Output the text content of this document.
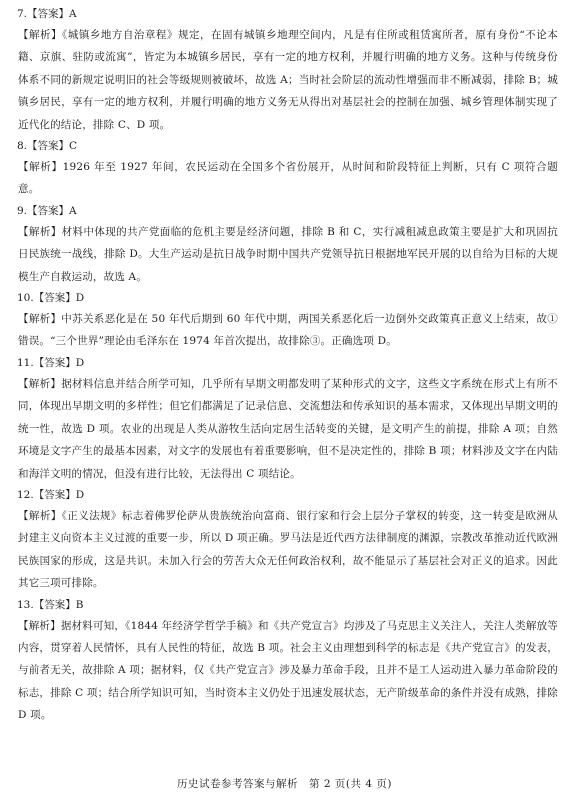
7.【答案】A
【解析】《城镇乡地方自治章程》规定，在固有城镇乡地理空间内，凡是有住所或租赁寓所者，原有身份“不论本籍、京旗、驻防或流寓”，皆定为本城镇乡居民，享有一定的地方权利，并履行明确的地方义务。这种与传统身份体系不同的新规定说明旧的社会等级规则被破坏，故选 A；当时社会阶层的流动性增强而非不断减弱，排除 B；城镇乡居民，享有一定的地方权利，并履行明确的地方义务无从得出对基层社会的控制在加强、城乡管理体制实现了近代化的结论，排除 C、D 项。
8.【答案】C
【解析】1926 年至 1927 年间，农民运动在全国多个省份展开，从时间和阶段特征上判断，只有 C 项符合题意。
9.【答案】A
【解析】材料中体现的共产党面临的危机主要是经济问题，排除 B 和 C，实行减租减息政策主要是扩大和巩固抗日民族统一战线，排除 D。大生产运动是抗日战争时期中国共产党领导抗日根据地军民开展的以自给为目标的大规模生产自救运动，故选 A。
10.【答案】D
【解析】中苏关系恶化是在 50 年代后期到 60 年代中期，两国关系恶化后一边倒外交政策真正意义上结束，故①错误。“三个世界”理论由毛泽东在 1974 年首次提出，故排除③。正确选项 D。
11.【答案】D
【解析】据材料信息并结合所学可知，几乎所有早期文明都发明了某种形式的文字，这些文字系统在形式上有所不同，体现出早期文明的多样性；但它们都满足了记录信息、交流想法和传承知识的基本需求，又体现出早期文明的统一性，故选 D 项。农业的出现是人类从游牧生活向定居生活转变的关键，是文明产生的前提，排除 A 项；自然环境是文字产生的最基本因素，对文字的发展也有着重要影响，但不是决定性的，排除 B 项；材料涉及文字在内陆和海洋文明的情况，但没有进行比较，无法得出 C 项结论。
12.【答案】D
【解析】《正义法规》标志着佛罗伦萨从贵族统治向富商、银行家和行会上层分子掌权的转变，这一转变是欧洲从封建主义向资本主义过渡的重要一步，所以 D 项正确。罗马法是近代西方法律制度的渊源，宗教改革推动近代欧洲民族国家的形成，这是共识。未加入行会的劳苦大众无任何政治权利，故不能显示了基层社会对正义的追求。因此其它三项可排除。
13.【答案】B
【解析】据材料可知，《1844 年经济学哲学手稿》和《共产党宣言》均涉及了马克思主义关注人，关注人类解放等内容，贯穿着人民情怀，具有人民性的特征，故选 B 项。社会主义由理想到科学的标志是《共产党宣言》的发表，与前者无关，故排除 A 项；据材料，仅《共产党宣言》涉及暴力革命手段，且并不是工人运动进入暴力革命阶段的标志，排除 C 项；结合所学知识可知，当时资本主义仍处于迅速发展状态，无产阶级革命的条件并没有成熟，排除 D 项。
历史试卷参考答案与解析　第 2 页(共 4 页)
